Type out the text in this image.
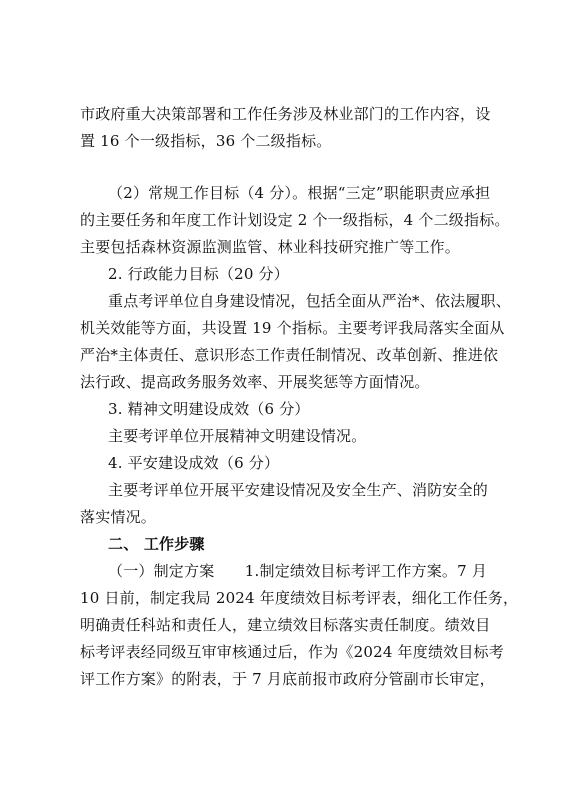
市政府重大决策部署和工作任务涉及林业部门的工作内容，设
置 16 个一级指标，36 个二级指标。
（2）常规工作目标（4 分）。根据“三定”职能职责应承担
的主要任务和年度工作计划设定 2 个一级指标，4 个二级指标。
主要包括森林资源监测监管、林业科技研究推广等工作。
2. 行政能力目标（20 分）
重点考评单位自身建设情况，包括全面从严治*、依法履职、
机关效能等方面，共设置 19 个指标。主要考评我局落实全面从
严治*主体责任、意识形态工作责任制情况、改革创新、推进依
法行政、提高政务服务效率、开展奖惩等方面情况。
3. 精神文明建设成效（6 分）
主要考评单位开展精神文明建设情况。
4. 平安建设成效（6 分）
主要考评单位开展平安建设情况及安全生产、消防安全的
落实情况。
二、 工作步骤
（一）制定方案　　1.制定绩效目标考评工作方案。7 月
10 日前，制定我局 2024 年度绩效目标考评表，细化工作任务，
明确责任科站和责任人，建立绩效目标落实责任制度。绩效目
标考评表经同级互审审核通过后，作为《2024 年度绩效目标考
评工作方案》的附表，于 7 月底前报市政府分管副市长审定，
